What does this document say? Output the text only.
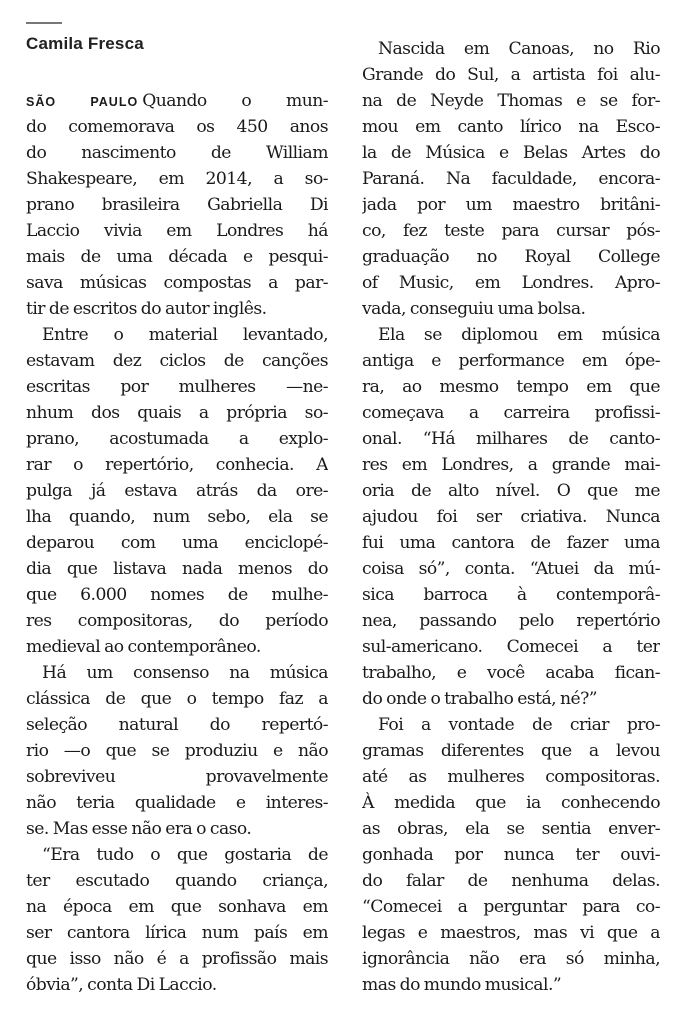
Camila Fresca
SÃO PAULO Quando o mun-
do comemorava os 450 anos
do nascimento de William
Shakespeare, em 2014, a so-
prano brasileira Gabriella Di
Laccio vivia em Londres há
mais de uma década e pesqui-
sava músicas compostas a par-
tir de escritos do autor inglês.
Entre o material levantado,
estavam dez ciclos de canções
escritas por mulheres —ne-
nhum dos quais a própria so-
prano, acostumada a explo-
rar o repertório, conhecia. A
pulga já estava atrás da ore-
lha quando, num sebo, ela se
deparou com uma enciclopé-
dia que listava nada menos do
que 6.000 nomes de mulhe-
res compositoras, do período
medieval ao contemporâneo.
Há um consenso na música
clássica de que o tempo faz a
seleção natural do repertó-
rio —o que se produziu e não
sobreviveu provavelmente
não teria qualidade e interes-
se. Mas esse não era o caso.
“Era tudo o que gostaria de
ter escutado quando criança,
na época em que sonhava em
ser cantora lírica num país em
que isso não é a profissão mais
óbvia”, conta Di Laccio.
Nascida em Canoas, no Rio
Grande do Sul, a artista foi alu-
na de Neyde Thomas e se for-
mou em canto lírico na Esco-
la de Música e Belas Artes do
Paraná. Na faculdade, encora-
jada por um maestro britâni-
co, fez teste para cursar pós-
graduação no Royal College
of Music, em Londres. Apro-
vada, conseguiu uma bolsa.
Ela se diplomou em música
antiga e performance em ópe-
ra, ao mesmo tempo em que
começava a carreira profissi-
onal. “Há milhares de canto-
res em Londres, a grande mai-
oria de alto nível. O que me
ajudou foi ser criativa. Nunca
fui uma cantora de fazer uma
coisa só”, conta. “Atuei da mú-
sica barroca à contemporâ-
nea, passando pelo repertório
sul-americano. Comecei a ter
trabalho, e você acaba fican-
do onde o trabalho está, né?”
Foi a vontade de criar pro-
gramas diferentes que a levou
até as mulheres compositoras.
À medida que ia conhecendo
as obras, ela se sentia enver-
gonhada por nunca ter ouvi-
do falar de nenhuma delas.
“Comecei a perguntar para co-
legas e maestros, mas vi que a
ignorância não era só minha,
mas do mundo musical.”
